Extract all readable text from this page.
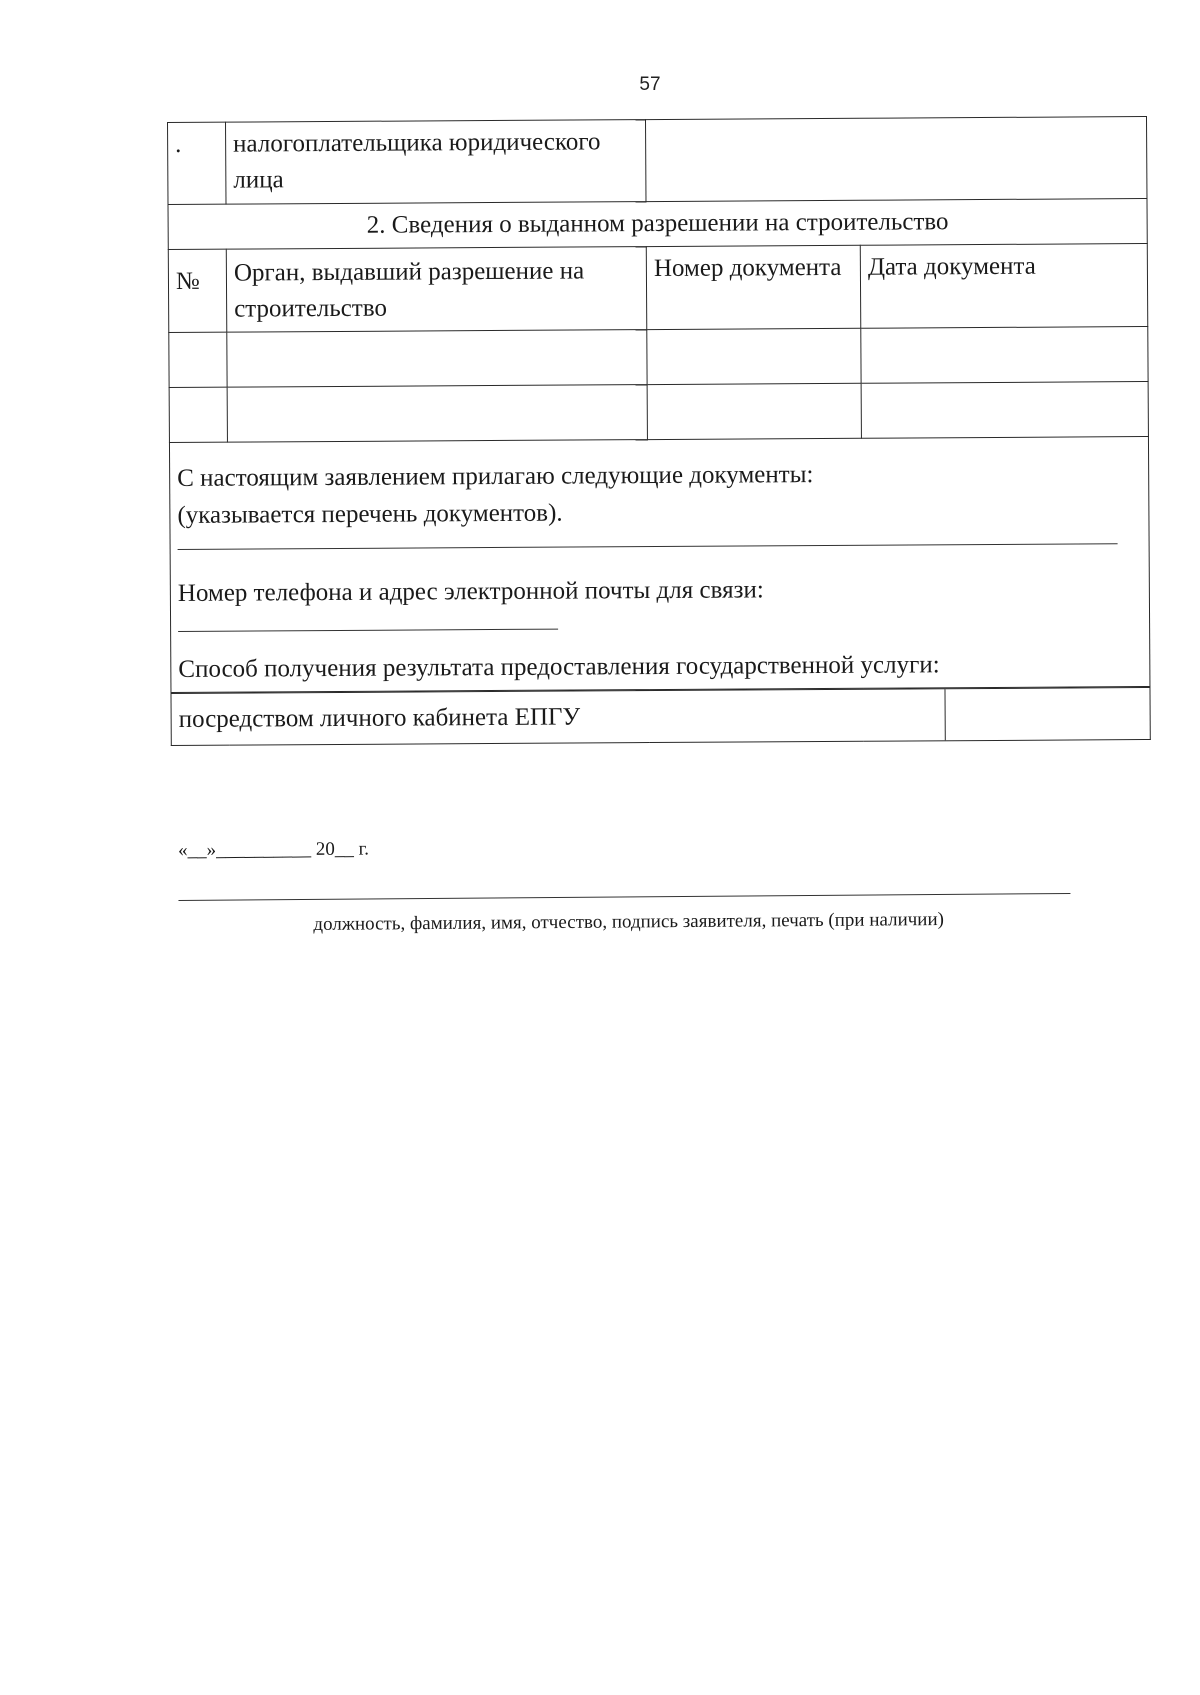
57
.	налогоплательщика юридического лица	
2. Сведения о выданном разрешении на строительство
№	Орган, выдавший разрешение на строительство	Номер документа	Дата документа

С настоящим заявлением прилагаю следующие документы:

(указывается перечень документов).

Номер телефона и адрес электронной почты для связи:

Способ получения результата предоставления государственной услуги:

посредством личного кабинета ЕПГУ	
«__»__________ 20__ г.
должность, фамилия, имя, отчество, подпись заявителя, печать (при наличии)
